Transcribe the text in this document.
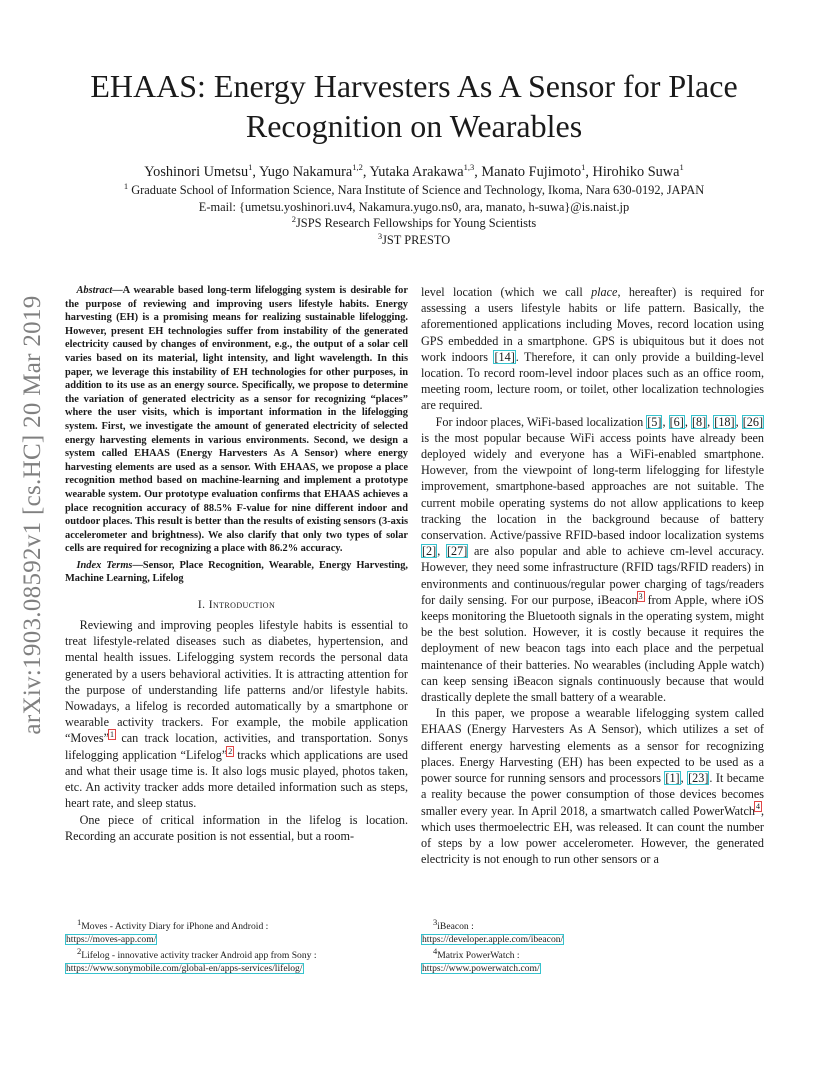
arXiv:1903.08592v1 [cs.HC] 20 Mar 2019
EHAAS: Energy Harvesters As A Sensor for Place
Recognition on Wearables
Yoshinori Umetsu$^1$, Yugo Nakamura$^{1,2}$, Yutaka Arakawa$^{1,3}$, Manato Fujimoto$^1$, Hirohiko Suwa$^1$
$^1$ Graduate School of Information Science, Nara Institute of Science and Technology, Ikoma, Nara 630-0192, JAPAN
E-mail: {umetsu.yoshinori.uv4, Nakamura.yugo.ns0, ara, manato, h-suwa}@is.naist.jp
$^2$JSPS Research Fellowships for Young Scientists
$^3$JST PRESTO

Abstract—A wearable based long-term lifelogging system is desirable for the purpose of reviewing and improving users lifestyle habits. Energy harvesting (EH) is a promising means for realizing sustainable lifelogging. However, present EH technologies suffer from instability of the generated electricity caused by changes of environment, e.g., the output of a solar cell varies based on its material, light intensity, and light wavelength. In this paper, we leverage this instability of EH technologies for other purposes, in addition to its use as an energy source. Specifically, we propose to determine the variation of generated electricity as a sensor for recognizing “places” where the user visits, which is important information in the lifelogging system. First, we investigate the amount of generated electricity of selected energy harvesting elements in various environments. Second, we design a system called EHAAS (Energy Harvesters As A Sensor) where energy harvesting elements are used as a sensor. With EHAAS, we propose a place recognition method based on machine-learning and implement a prototype wearable system. Our prototype evaluation confirms that EHAAS achieves a place recognition accuracy of 88.5% F-value for nine different indoor and outdoor places. This result is better than the results of existing sensors (3-axis accelerometer and brightness). We also clarify that only two types of solar cells are required for recognizing a place with 86.2% accuracy.

Index Terms—Sensor, Place Recognition, Wearable, Energy Harvesting, Machine Learning, Lifelog

I. Introduction

Reviewing and improving peoples lifestyle habits is essential to treat lifestyle-related diseases such as diabetes, hypertension, and mental health issues. Lifelogging system records the personal data generated by a users behavioral activities. It is attracting attention for the purpose of understanding life patterns and/or lifestyle habits. Nowadays, a lifelog is recorded automatically by a smartphone or wearable activity trackers. For example, the mobile application “Moves”$^1$ can track location, activities, and transportation. Sonys lifelogging application “Lifelog”$^2$ tracks which applications are used and what their usage time is. It also logs music played, photos taken, etc. An activity tracker adds more detailed information such as steps, heart rate, and sleep status.

One piece of critical information in the lifelog is location. Recording an accurate position is not essential, but a room-

level location (which we call place, hereafter) is required for assessing a users lifestyle habits or life pattern. Basically, the aforementioned applications including Moves, record location using GPS embedded in a smartphone. GPS is ubiquitous but it does not work indoors [14]. Therefore, it can only provide a building-level location. To record room-level indoor places such as an office room, meeting room, lecture room, or toilet, other localization technologies are required.

For indoor places, WiFi-based localization [5], [6], [8], [18], [26] is the most popular because WiFi access points have already been deployed widely and everyone has a WiFi-enabled smartphone. However, from the viewpoint of long-term lifelogging for lifestyle improvement, smartphone-based approaches are not suitable. The current mobile operating systems do not allow applications to keep tracking the location in the background because of battery conservation. Active/passive RFID-based indoor localization systems [2], [27] are also popular and able to achieve cm-level accuracy. However, they need some infrastructure (RFID tags/RFID readers) in environments and continuous/regular power charging of tags/readers for daily sensing. For our purpose, iBeacon$^3$ from Apple, where iOS keeps monitoring the Bluetooth signals in the operating system, might be the best solution. However, it is costly because it requires the deployment of new beacon tags into each place and the perpetual maintenance of their batteries. No wearables (including Apple watch) can keep sensing iBeacon signals continuously because that would drastically deplete the small battery of a wearable.

In this paper, we propose a wearable lifelogging system called EHAAS (Energy Harvesters As A Sensor), which utilizes a set of different energy harvesting elements as a sensor for recognizing places. Energy Harvesting (EH) has been expected to be used as a power source for running sensors and processors [1], [23]. It became a reality because the power consumption of those devices becomes smaller every year. In April 2018, a smartwatch called PowerWatch$^4$, which uses thermoelectric EH, was released. It can count the number of steps by a low power accelerometer. However, the generated electricity is not enough to run other sensors or a

$^1$Moves - Activity Diary for iPhone and Android :

https://moves-app.com/

$^2$Lifelog - innovative activity tracker Android app from Sony :

https://www.sonymobile.com/global-en/apps-services/lifelog/

$^3$iBeacon :

https://developer.apple.com/ibeacon/

$^4$Matrix PowerWatch :

https://www.powerwatch.com/
